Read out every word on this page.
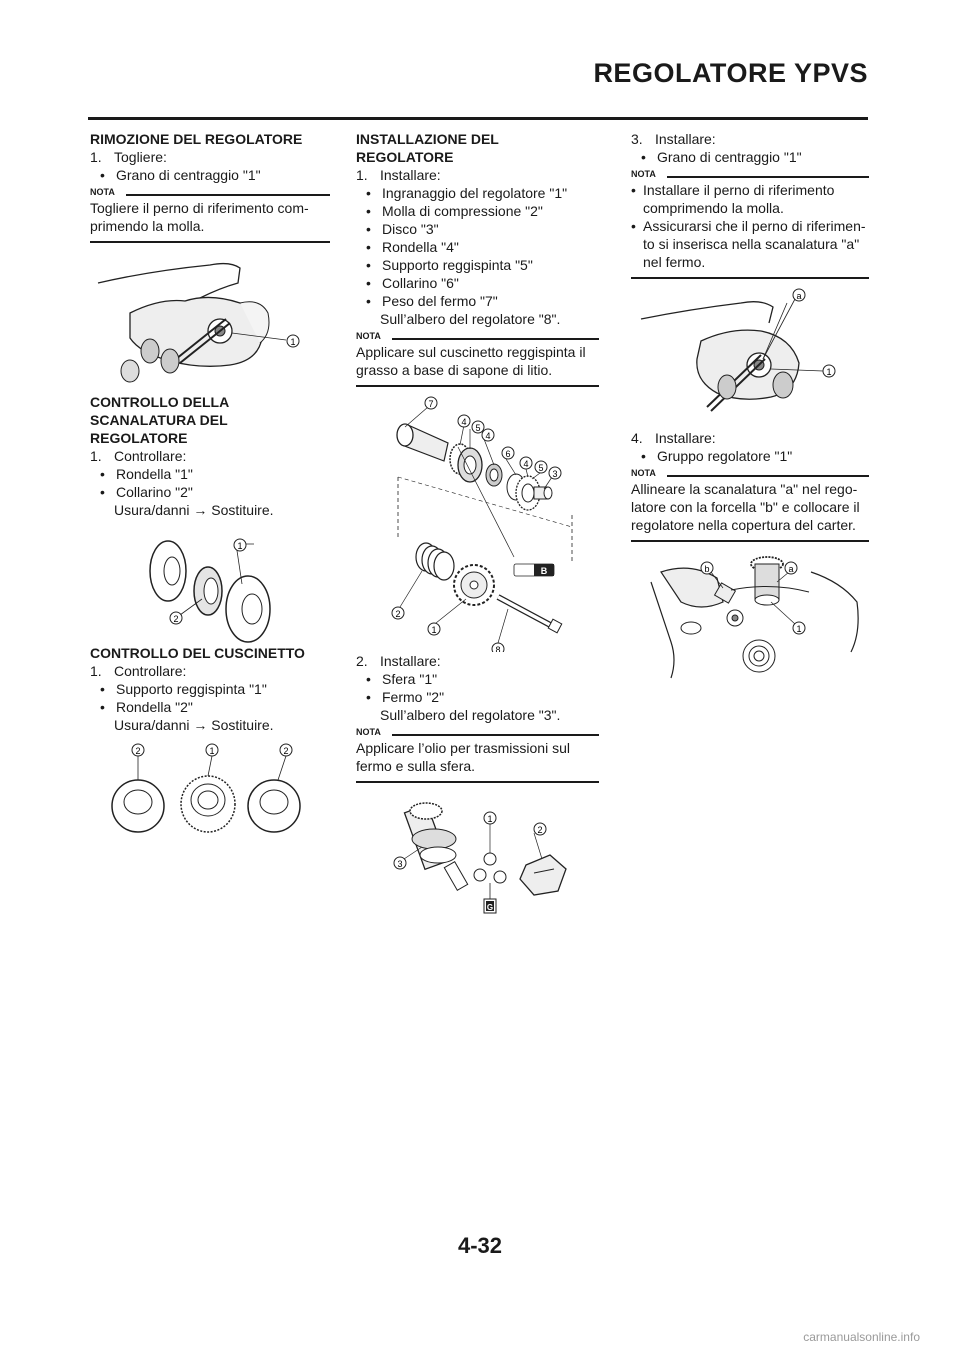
REGOLATORE YPVS

RIMOZIONE DEL REGOLATORE

1. Togliere:

• Grano di centraggio "1"

NOTA

Togliere il perno di riferimento com-
primendo la molla.

1

CONTROLLO DELLA
SCANALATURA DEL
REGOLATORE

1. Controllare:

• Rondella "1"

• Collarino "2"

Usura/danni → Sostituire.

1
2

CONTROLLO DEL CUSCINETTO

1. Controllare:

• Supporto reggispinta "1"

• Rondella "2"

Usura/danni → Sostituire.

2	1	2

INSTALLAZIONE DEL
REGOLATORE

1. Installare:

• Ingranaggio del regolatore "1"

• Molla di compressione "2"

• Disco "3"

• Rondella "4"

• Supporto reggispinta "5"

• Collarino "6"

• Peso del fermo "7"

Sull’albero del regolatore "8".

NOTA

Applicare sul cuscinetto reggispinta il
grasso a base di sapone di litio.

B
7
4
5
4
6
4 5
3
2
1
8

2. Installare:

• Sfera "1"

• Fermo "2"

Sull’albero del regolatore "3".

NOTA

Applicare l’olio per trasmissioni sul
fermo e sulla sfera.

G
1
2
3

3. Installare:

• Grano di centraggio "1"

NOTA

• Installare il perno di riferimento
comprimendo la molla.

• Assicurarsi che il perno di riferimen-
to si inserisca nella scanalatura "a"
nel fermo.

a
1

4. Installare:

• Gruppo regolatore "1"

NOTA

Allineare la scanalatura "a" nel rego-
latore con la forcella "b" e collocare il
regolatore nella copertura del carter.

a
b
1
4-32
carmanualsonline.info
